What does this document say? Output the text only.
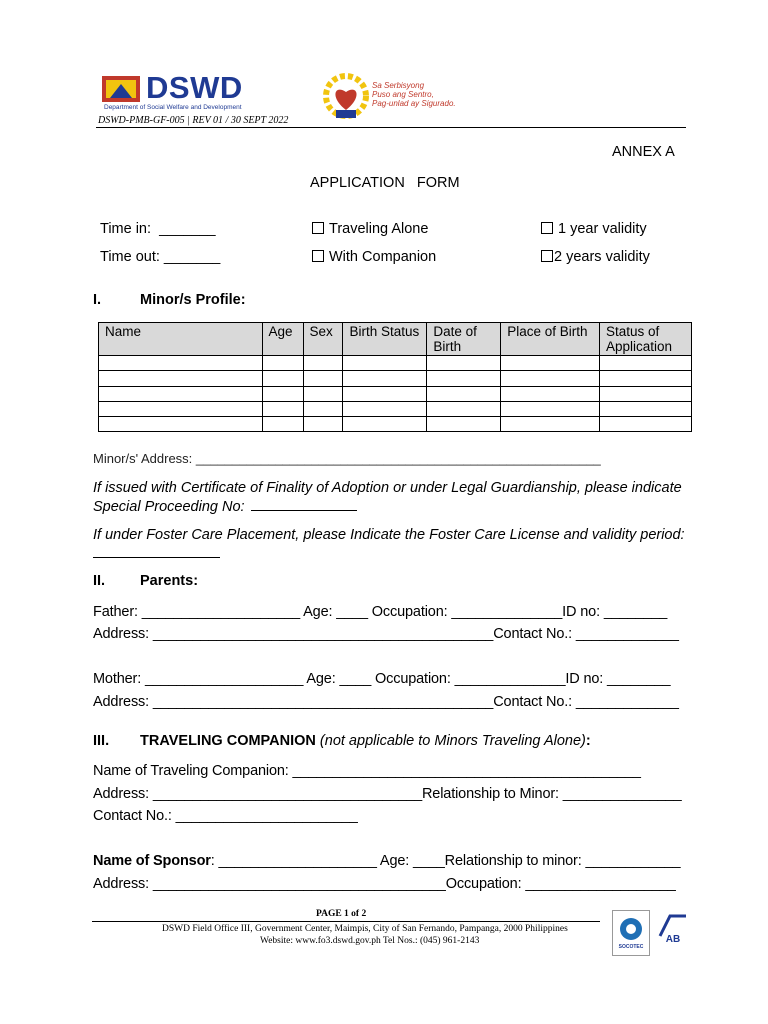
DSWD
Department of Social Welfare and Development
DSWD-PMB-GF-005 | REV 01 / 30 SEPT 2022
Sa Serbisyong
Puso ang Sentro,
Pag-unlad ay Sigurado.
ANNEX A
APPLICATION   FORM
Time in:  _______
Time out: _______
Traveling Alone
With Companion
1 year validity
2 years validity
I.	Minor/s Profile:
Name	Age	Sex	Birth Status	Date of Birth	Place of Birth	Status of Application

Minor/s' Address: ________________________________________________________
If issued with Certificate of Finality of Adoption or under Legal Guardianship, please indicate
Special Proceeding No:
If under Foster Care Placement, please Indicate the Foster Care License and validity period:
II. Parents:
Father: ____________________ Age: ____ Occupation: ______________ID no: ________
Address: ___________________________________________Contact No.: _____________
Mother: ____________________ Age: ____ Occupation: ______________ID no: ________
Address: ___________________________________________Contact No.: _____________
III. TRAVELING COMPANION (not applicable to Minors Traveling Alone):
Name of Traveling Companion: ____________________________________________
Address: __________________________________Relationship to Minor: _______________
Contact No.: _______________________
Name of Sponsor: ____________________ Age: ____Relationship to minor: ____________
Address: _____________________________________Occupation: ___________________
PAGE 1 of 2
DSWD Field Office III, Government Center, Maimpis, City of San Fernando, Pampanga, 2000 Philippines
Website: www.fo3.dswd.gov.ph Tel Nos.: (045) 961-2143
SOCOTEC
AB
